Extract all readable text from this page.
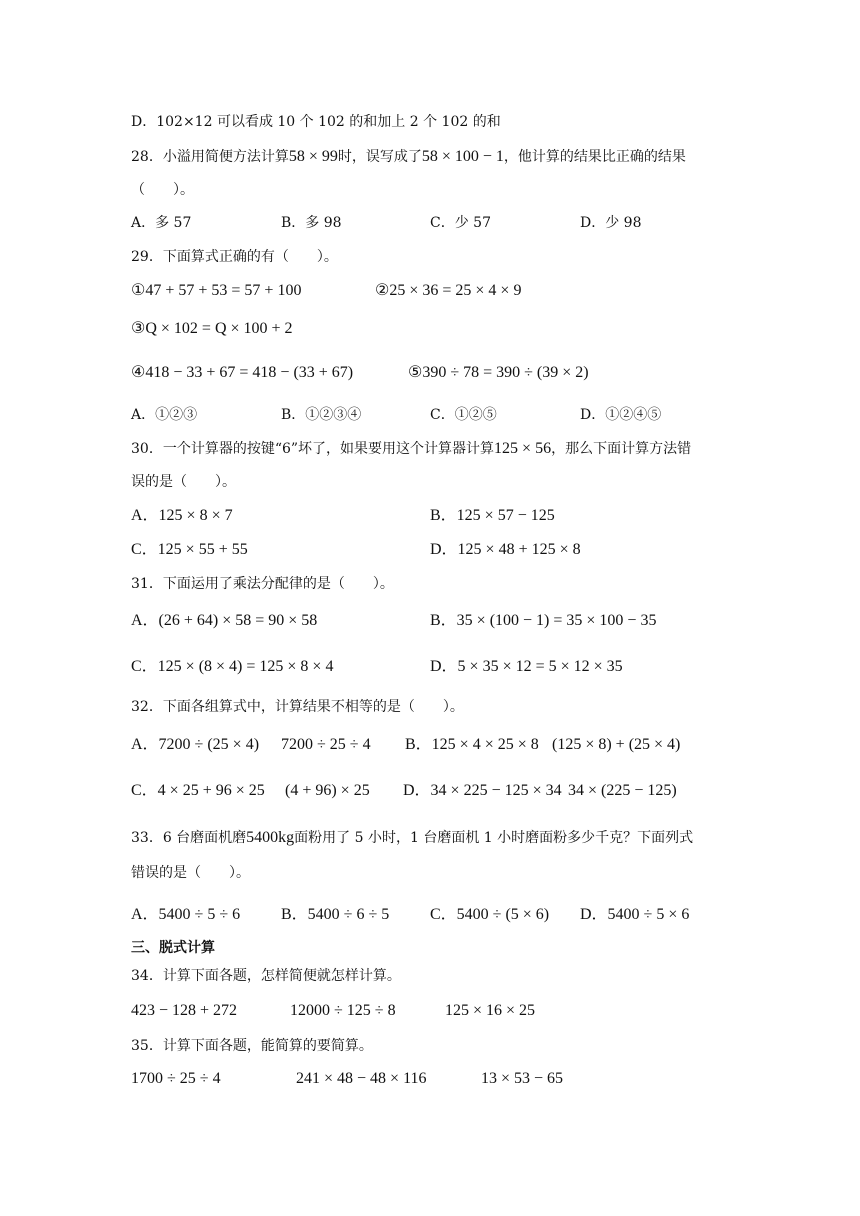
D．102×12 可以看成 10 个 102 的和加上 2 个 102 的和
28．小溢用简便方法计算58 × 99时，误写成了58 × 100 − 1，他计算的结果比正确的结果
（　　）。
A．多 57	B．多 98	C．少 57	D．少 98
29．下面算式正确的有（　　）。
①47 + 57 + 53 = 57 + 100	②25 × 36 = 25 × 4 × 9
③Q × 102 = Q × 100 + 2
④418 − 33 + 67 = 418 − (33 + 67)	⑤390 ÷ 78 = 390 ÷ (39 × 2)
A．①②③	B．①②③④	C．①②⑤	D．①②④⑤
30．一个计算器的按键“6”坏了，如果要用这个计算器计算125 × 56，那么下面计算方法错
误的是（　　）。
A．125 × 8 × 7	B．125 × 57 − 125
C．125 × 55 + 55	D．125 × 48 + 125 × 8
31．下面运用了乘法分配律的是（　　）。
A．(26 + 64) × 58 = 90 × 58	B．35 × (100 − 1) = 35 × 100 − 35
C．125 × (8 × 4) = 125 × 8 × 4	D．5 × 35 × 12 = 5 × 12 × 35
32．下面各组算式中，计算结果不相等的是（　　）。
A．7200 ÷ (25 × 4) 7200 ÷ 25 ÷ 4 B．125 × 4 × 25 × 8 (125 × 8) + (25 × 4)
C．4 × 25 + 96 × 25 (4 + 96) × 25 D．34 × 225 − 125 × 34 34 × (225 − 125)
33．6 台磨面机磨5400kg面粉用了 5 小时，1 台磨面机 1 小时磨面粉多少千克？下面列式
错误的是（　　）。
A．5400 ÷ 5 ÷ 6	B．5400 ÷ 6 ÷ 5	C．5400 ÷ (5 × 6) D．5400 ÷ 5 × 6
三、脱式计算
34．计算下面各题，怎样简便就怎样计算。
423 − 128 + 272	12000 ÷ 125 ÷ 8	125 × 16 × 25
35．计算下面各题，能简算的要简算。
1700 ÷ 25 ÷ 4	241 × 48 − 48 × 116	13 × 53 − 65
